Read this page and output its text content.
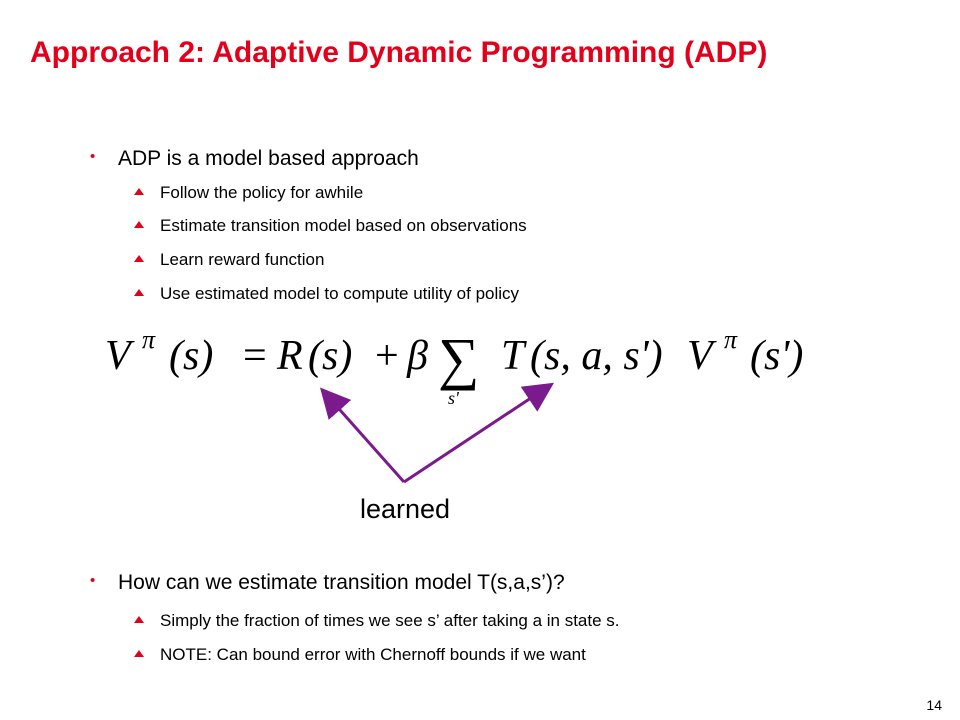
Approach 2: Adaptive Dynamic Programming (ADP)
• ADP is a model based approach
Follow the policy for awhile
Estimate transition model based on observations
Learn reward function
Use estimated model to compute utility of policy
V π (s) = R (s) + β ∑
s'
T (s, a, s') V π (s')
learned
• How can we estimate transition model T(s,a,s’)?
Simply the fraction of times we see s’ after taking a in state s.
NOTE: Can bound error with Chernoff bounds if we want
14
